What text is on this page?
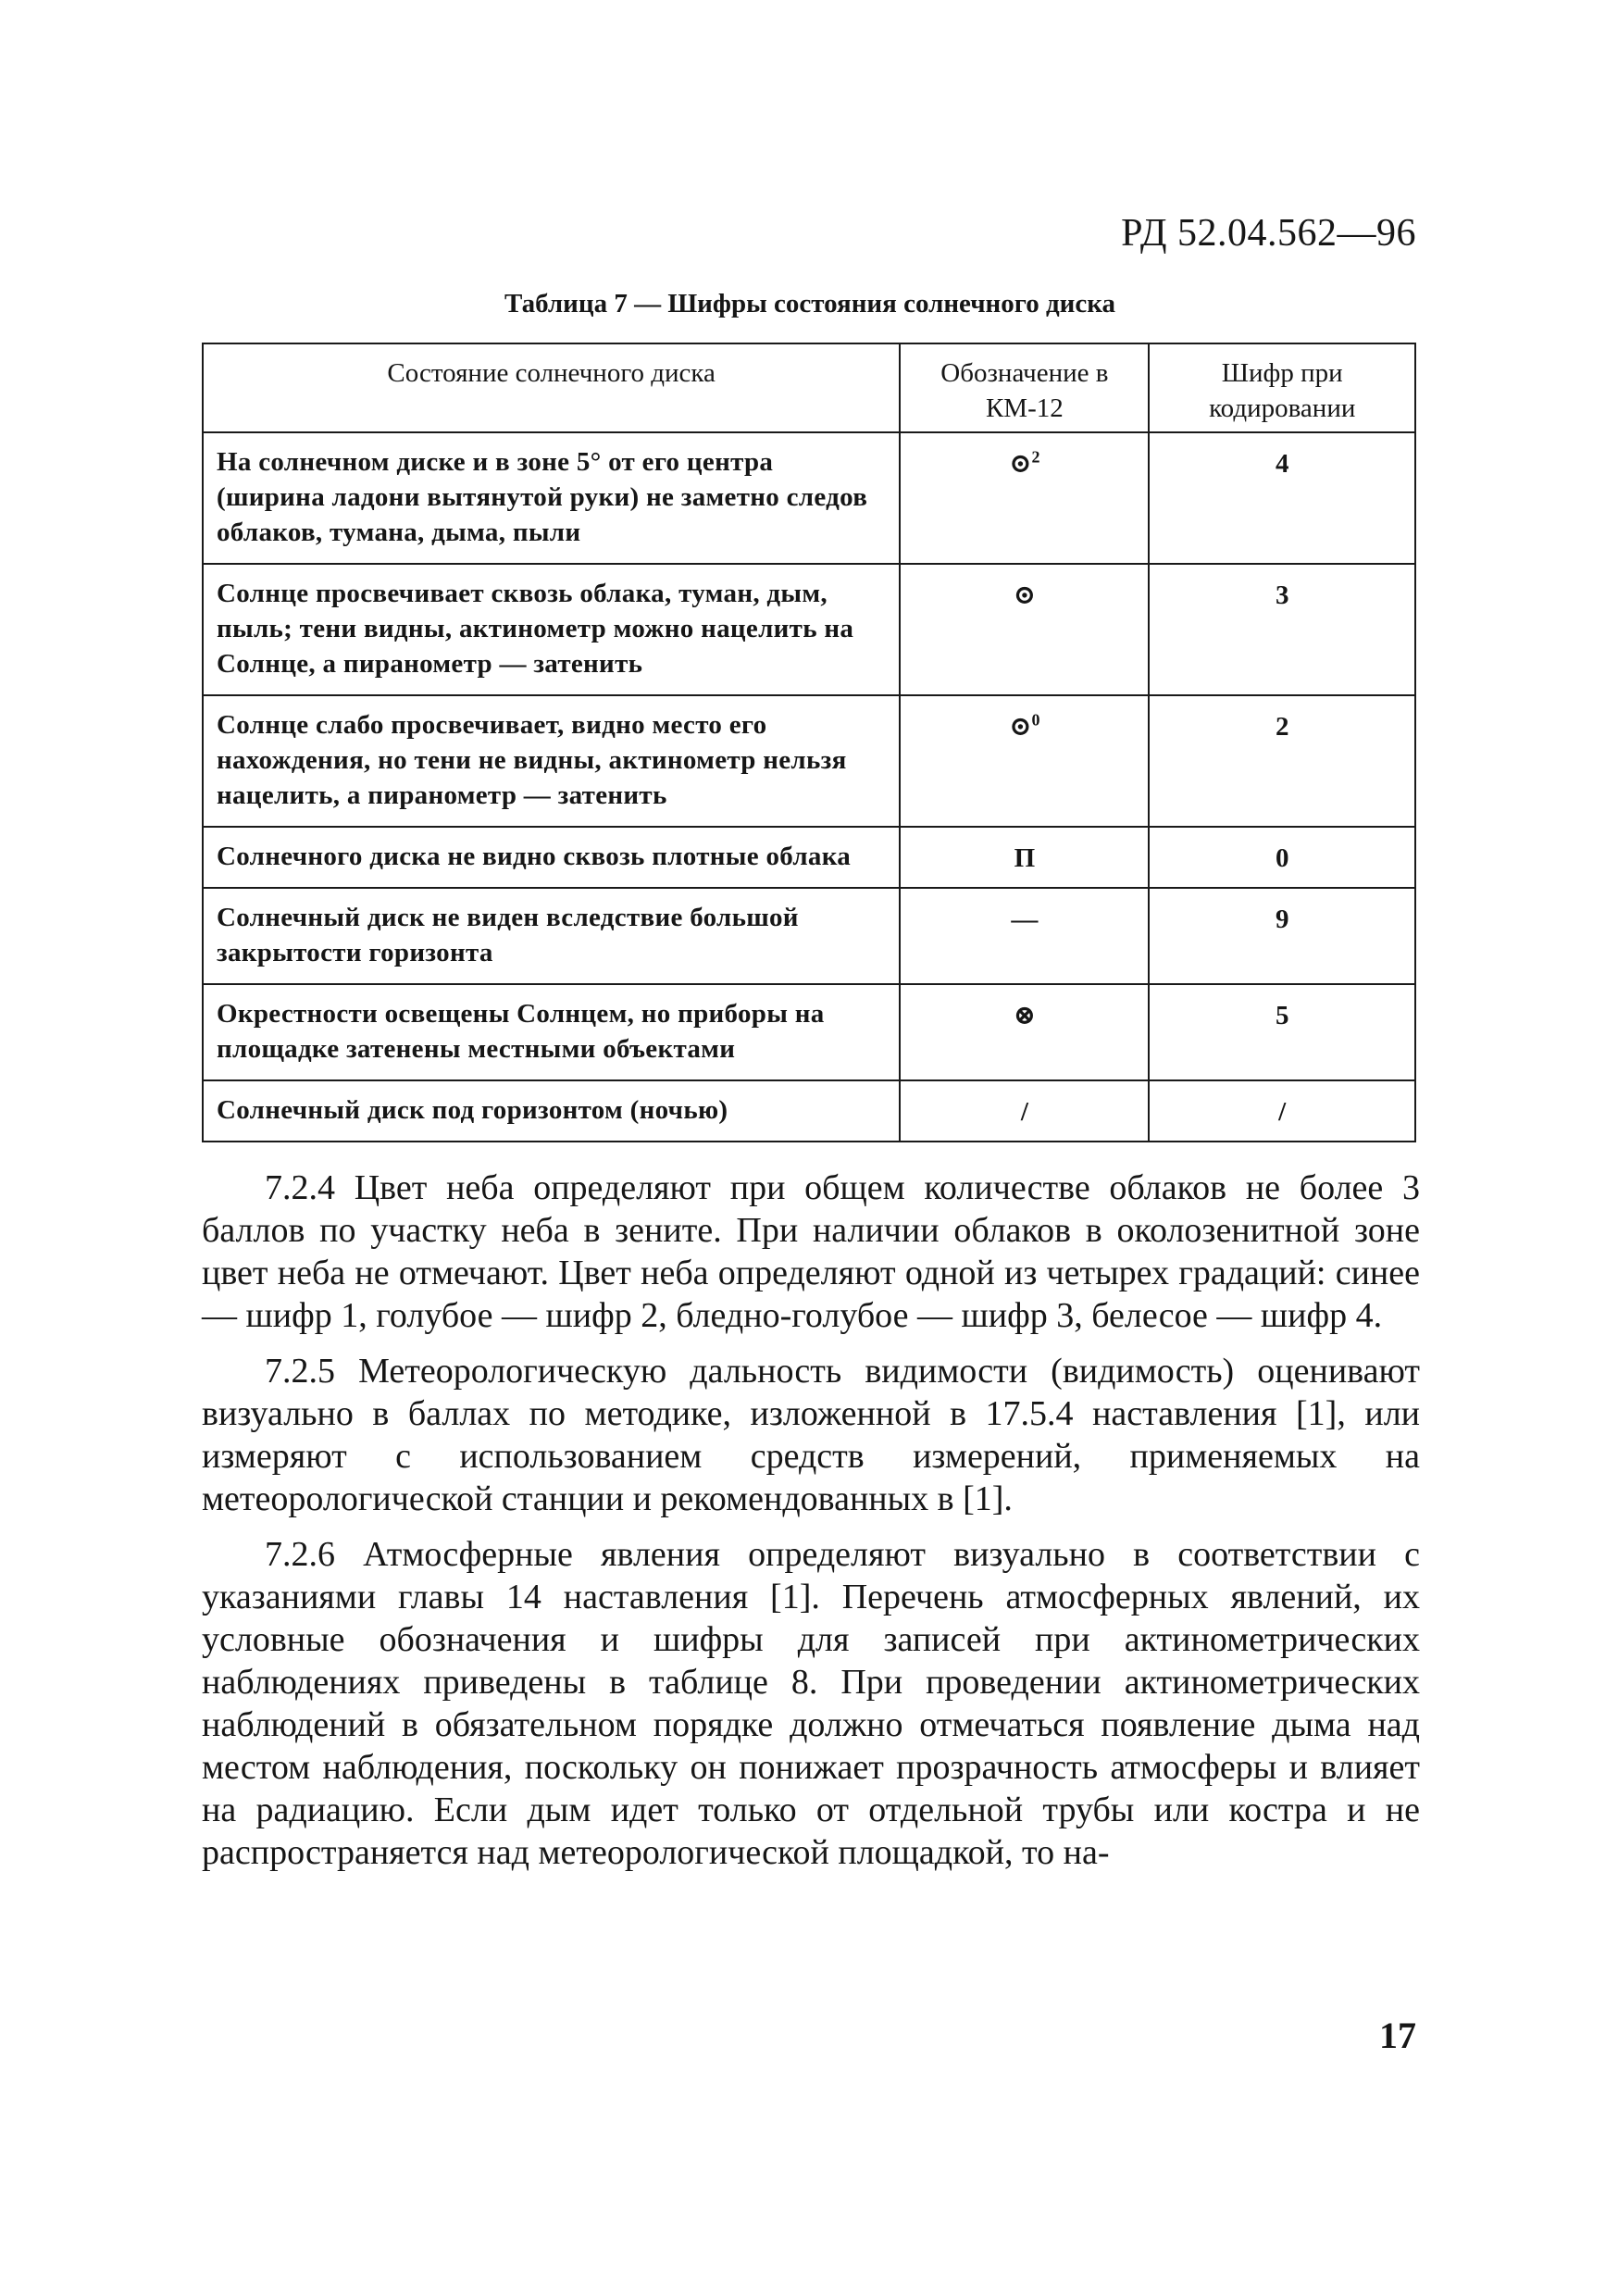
РД 52.04.562—96
Таблица 7 — Шифры состояния солнечного диска
Состояние солнечного диска	Обозначение в КМ-12	Шифр при кодировании
На солнечном диске и в зоне 5° от его центра (ширина ладони вытянутой руки) не заметно следов облаков, тумана, дыма, пыли	⊙$^2$	4
Солнце просвечивает сквозь облака, туман, дым, пыль; тени видны, актинометр можно нацелить на Солнце, а пиранометр — затенить	⊙	3
Солнце слабо просвечивает, видно место его нахождения, но тени не видны, актинометр нельзя нацелить, а пиранометр — затенить	⊙$^0$	2
Солнечного диска не видно сквозь плотные облака	П	0
Солнечный диск не виден вследствие большой закрытости горизонта	—	9
Окрестности освещены Солнцем, но приборы на площадке затенены местными объектами	⊗	5
Солнечный диск под горизонтом (ночью)	/	/

7.2.4 Цвет неба определяют при общем количестве облаков не более 3 баллов по участку неба в зените. При наличии облаков в околозенитной зоне цвет неба не отмечают. Цвет неба определяют одной из четырех градаций: синее — шифр 1, голубое — шифр 2, бледно-голубое — шифр 3, белесое — шифр 4.

7.2.5 Метеорологическую дальность видимости (видимость) оценивают визуально в баллах по методике, изложенной в 17.5.4 наставления [1], или измеряют с использованием средств измерений, применяемых на метеорологической станции и рекомендованных в [1].

7.2.6 Атмосферные явления определяют визуально в соответствии с указаниями главы 14 наставления [1]. Перечень атмосферных явлений, их условные обозначения и шифры для записей при актинометрических наблюдениях приведены в таблице 8. При проведении актинометрических наблюдений в обязательном порядке должно отмечаться появление дыма над местом наблюдения, поскольку он понижает прозрачность атмосферы и влияет на радиацию. Если дым идет только от отдельной трубы или костра и не распространяется над метеорологической площадкой, то на-

17
